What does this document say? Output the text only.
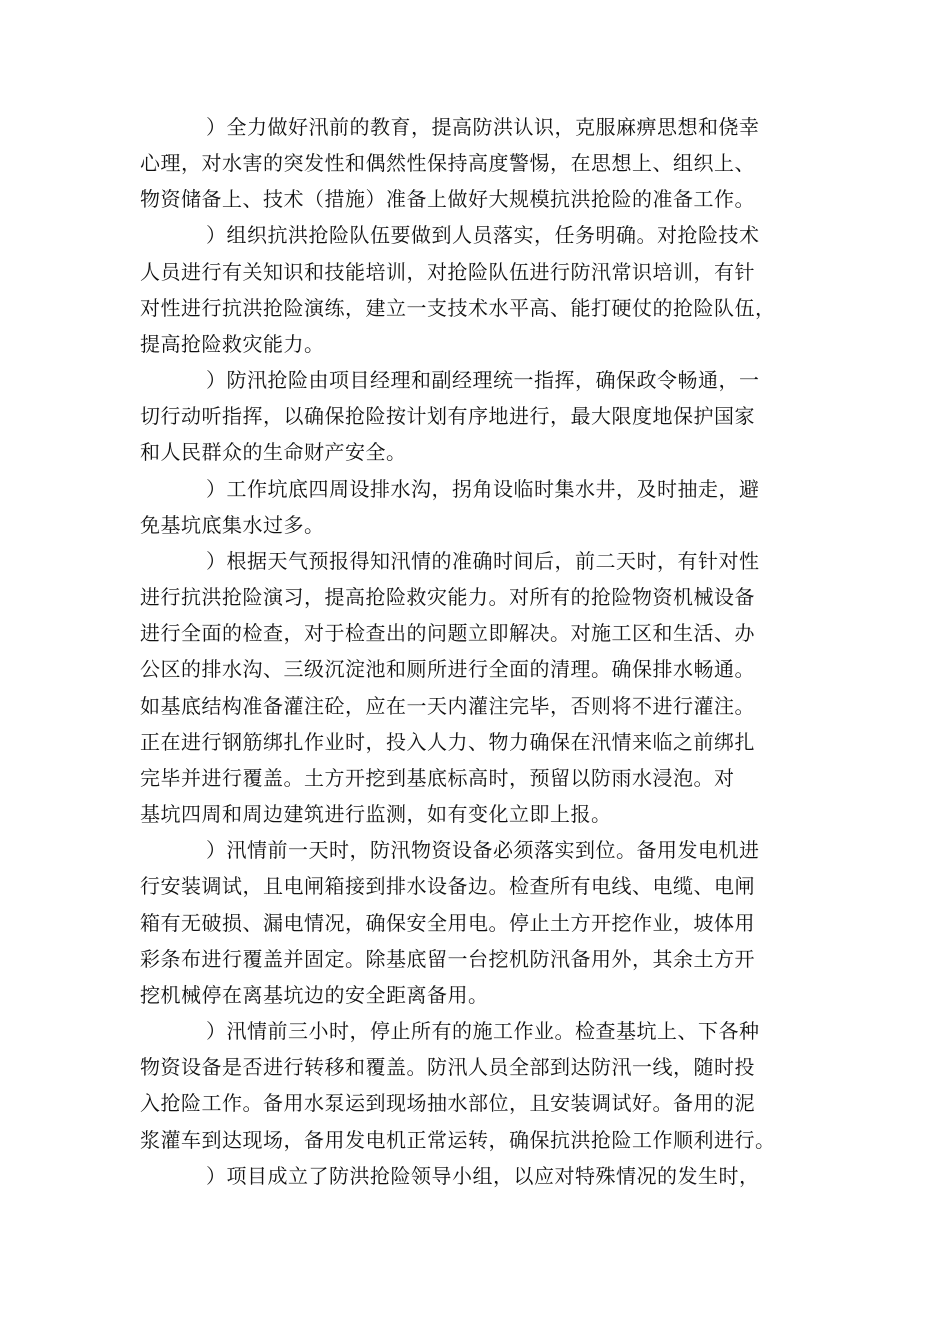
）全力做好汛前的教育，提高防洪认识，克服麻痹思想和侥幸
心理，对水害的突发性和偶然性保持高度警惕，在思想上、组织上、
物资储备上、技术（措施）准备上做好大规模抗洪抢险的准备工作。
）组织抗洪抢险队伍要做到人员落实，任务明确。对抢险技术
人员进行有关知识和技能培训，对抢险队伍进行防汛常识培训，有针
对性进行抗洪抢险演练，建立一支技术水平高、能打硬仗的抢险队伍，
提高抢险救灾能力。
）防汛抢险由项目经理和副经理统一指挥，确保政令畅通，一
切行动听指挥，以确保抢险按计划有序地进行，最大限度地保护国家
和人民群众的生命财产安全。
）工作坑底四周设排水沟，拐角设临时集水井，及时抽走，避
免基坑底集水过多。
）根据天气预报得知汛情的准确时间后，前二天时，有针对性
进行抗洪抢险演习，提高抢险救灾能力。对所有的抢险物资机械设备
进行全面的检查，对于检查出的问题立即解决。对施工区和生活、办
公区的排水沟、三级沉淀池和厕所进行全面的清理。确保排水畅通。
如基底结构准备灌注砼，应在一天内灌注完毕，否则将不进行灌注。
正在进行钢筋绑扎作业时，投入人力、物力确保在汛情来临之前绑扎
完毕并进行覆盖。土方开挖到基底标高时，预留以防雨水浸泡。对
基坑四周和周边建筑进行监测，如有变化立即上报。
）汛情前一天时，防汛物资设备必须落实到位。备用发电机进
行安装调试，且电闸箱接到排水设备边。检查所有电线、电缆、电闸
箱有无破损、漏电情况，确保安全用电。停止土方开挖作业，坡体用
彩条布进行覆盖并固定。除基底留一台挖机防汛备用外，其余土方开
挖机械停在离基坑边的安全距离备用。
）汛情前三小时，停止所有的施工作业。检查基坑上、下各种
物资设备是否进行转移和覆盖。防汛人员全部到达防汛一线，随时投
入抢险工作。备用水泵运到现场抽水部位，且安装调试好。备用的泥
浆灌车到达现场，备用发电机正常运转，确保抗洪抢险工作顺利进行。
）项目成立了防洪抢险领导小组，以应对特殊情况的发生时，
